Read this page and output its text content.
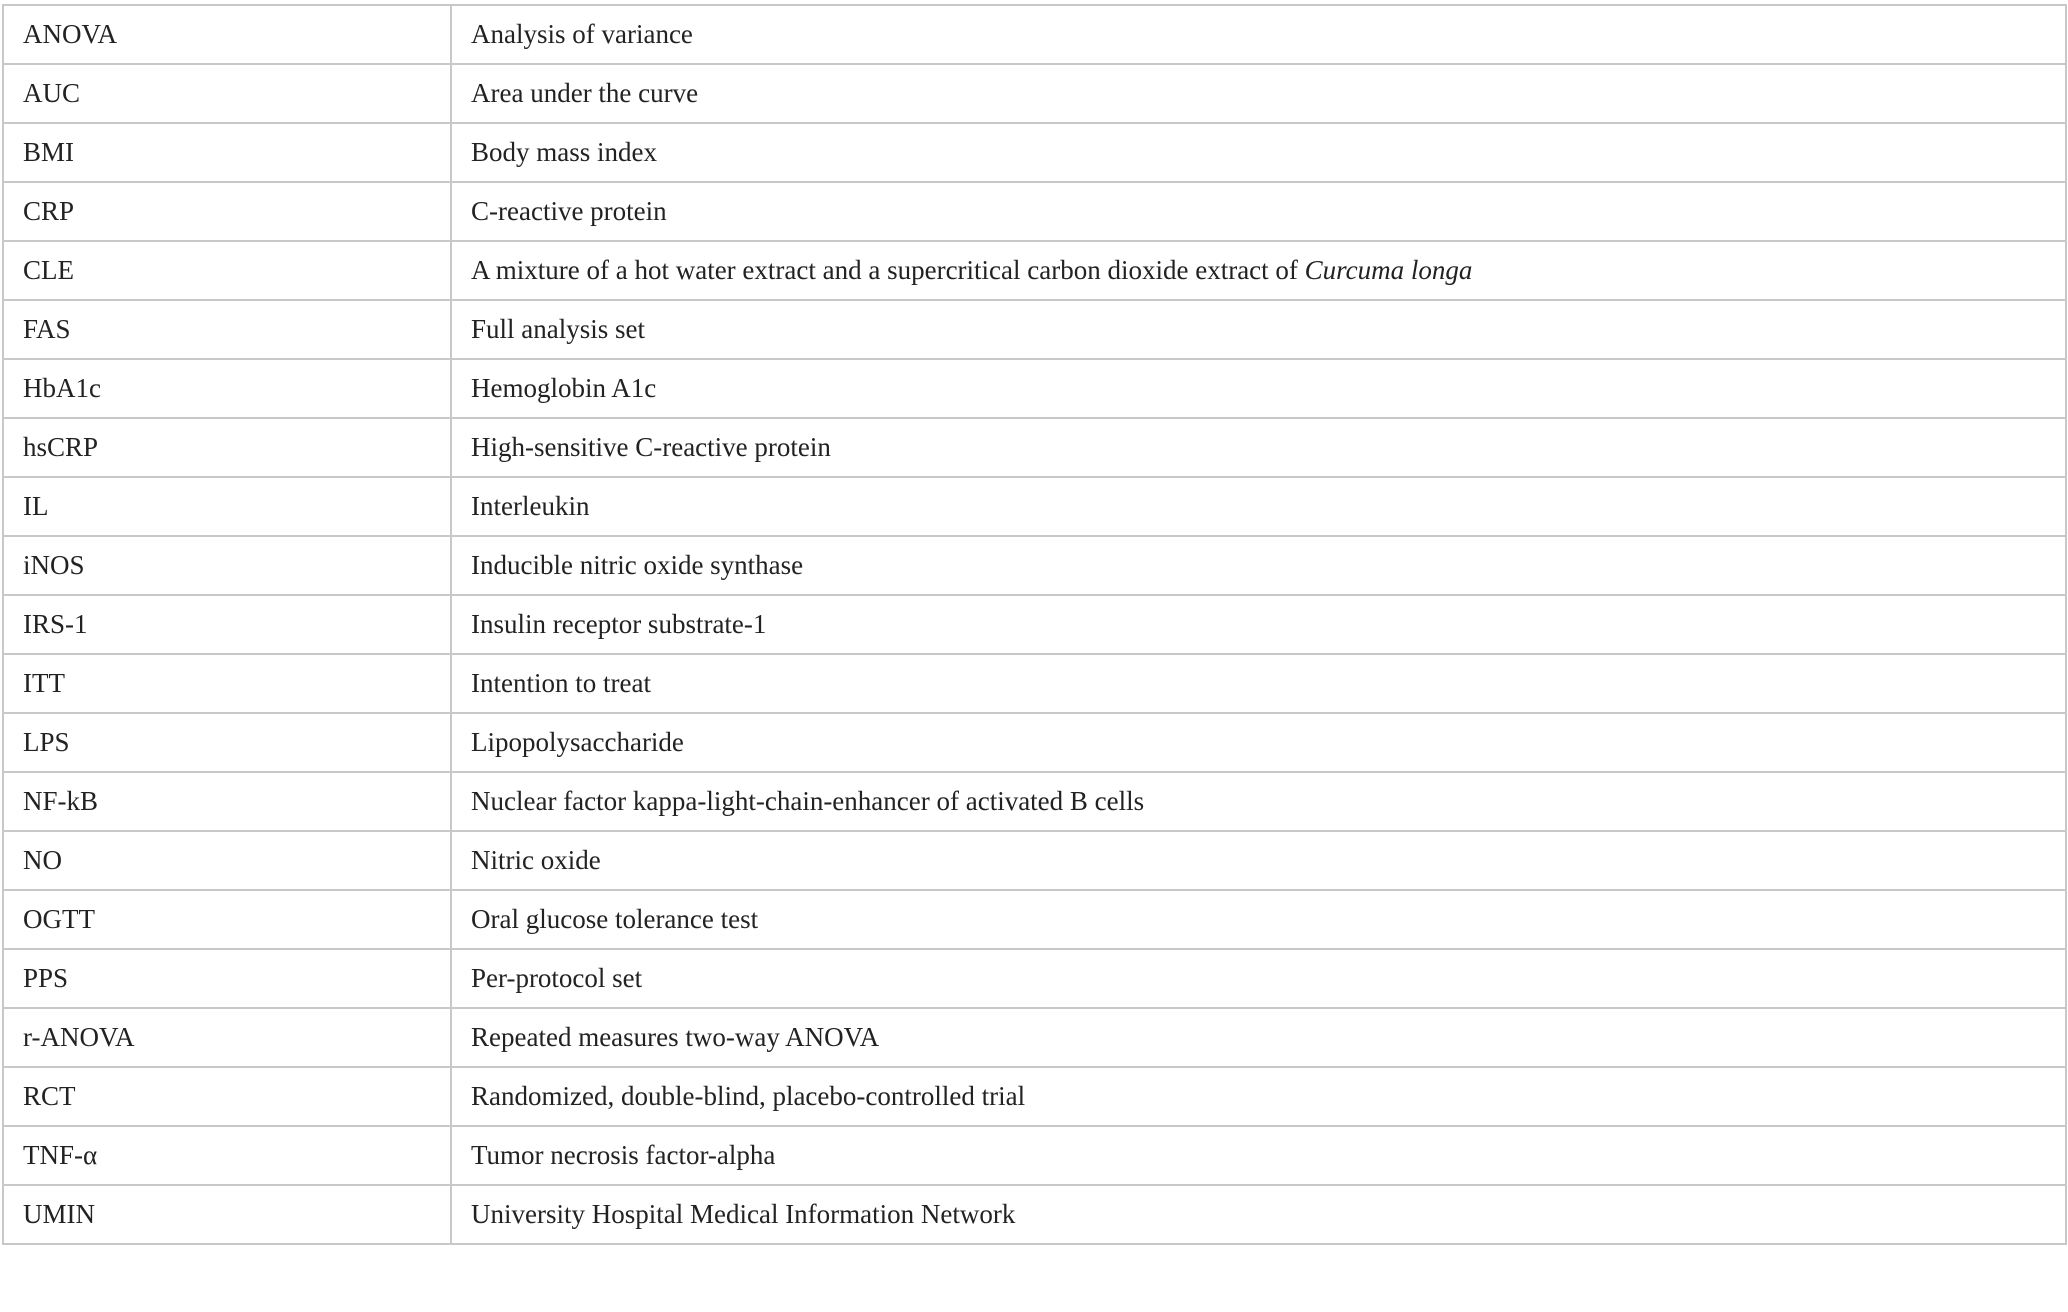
ANOVA	Analysis of variance
AUC	Area under the curve
BMI	Body mass index
CRP	C-reactive protein
CLE	A mixture of a hot water extract and a supercritical carbon dioxide extract of Curcuma longa
FAS	Full analysis set
HbA1c	Hemoglobin A1c
hsCRP	High-sensitive C-reactive protein
IL	Interleukin
iNOS	Inducible nitric oxide synthase
IRS-1	Insulin receptor substrate-1
ITT	Intention to treat
LPS	Lipopolysaccharide
NF-kB	Nuclear factor kappa-light-chain-enhancer of activated B cells
NO	Nitric oxide
OGTT	Oral glucose tolerance test
PPS	Per-protocol set
r-ANOVA	Repeated measures two-way ANOVA
RCT	Randomized, double-blind, placebo-controlled trial
TNF-α	Tumor necrosis factor-alpha
UMIN	University Hospital Medical Information Network
